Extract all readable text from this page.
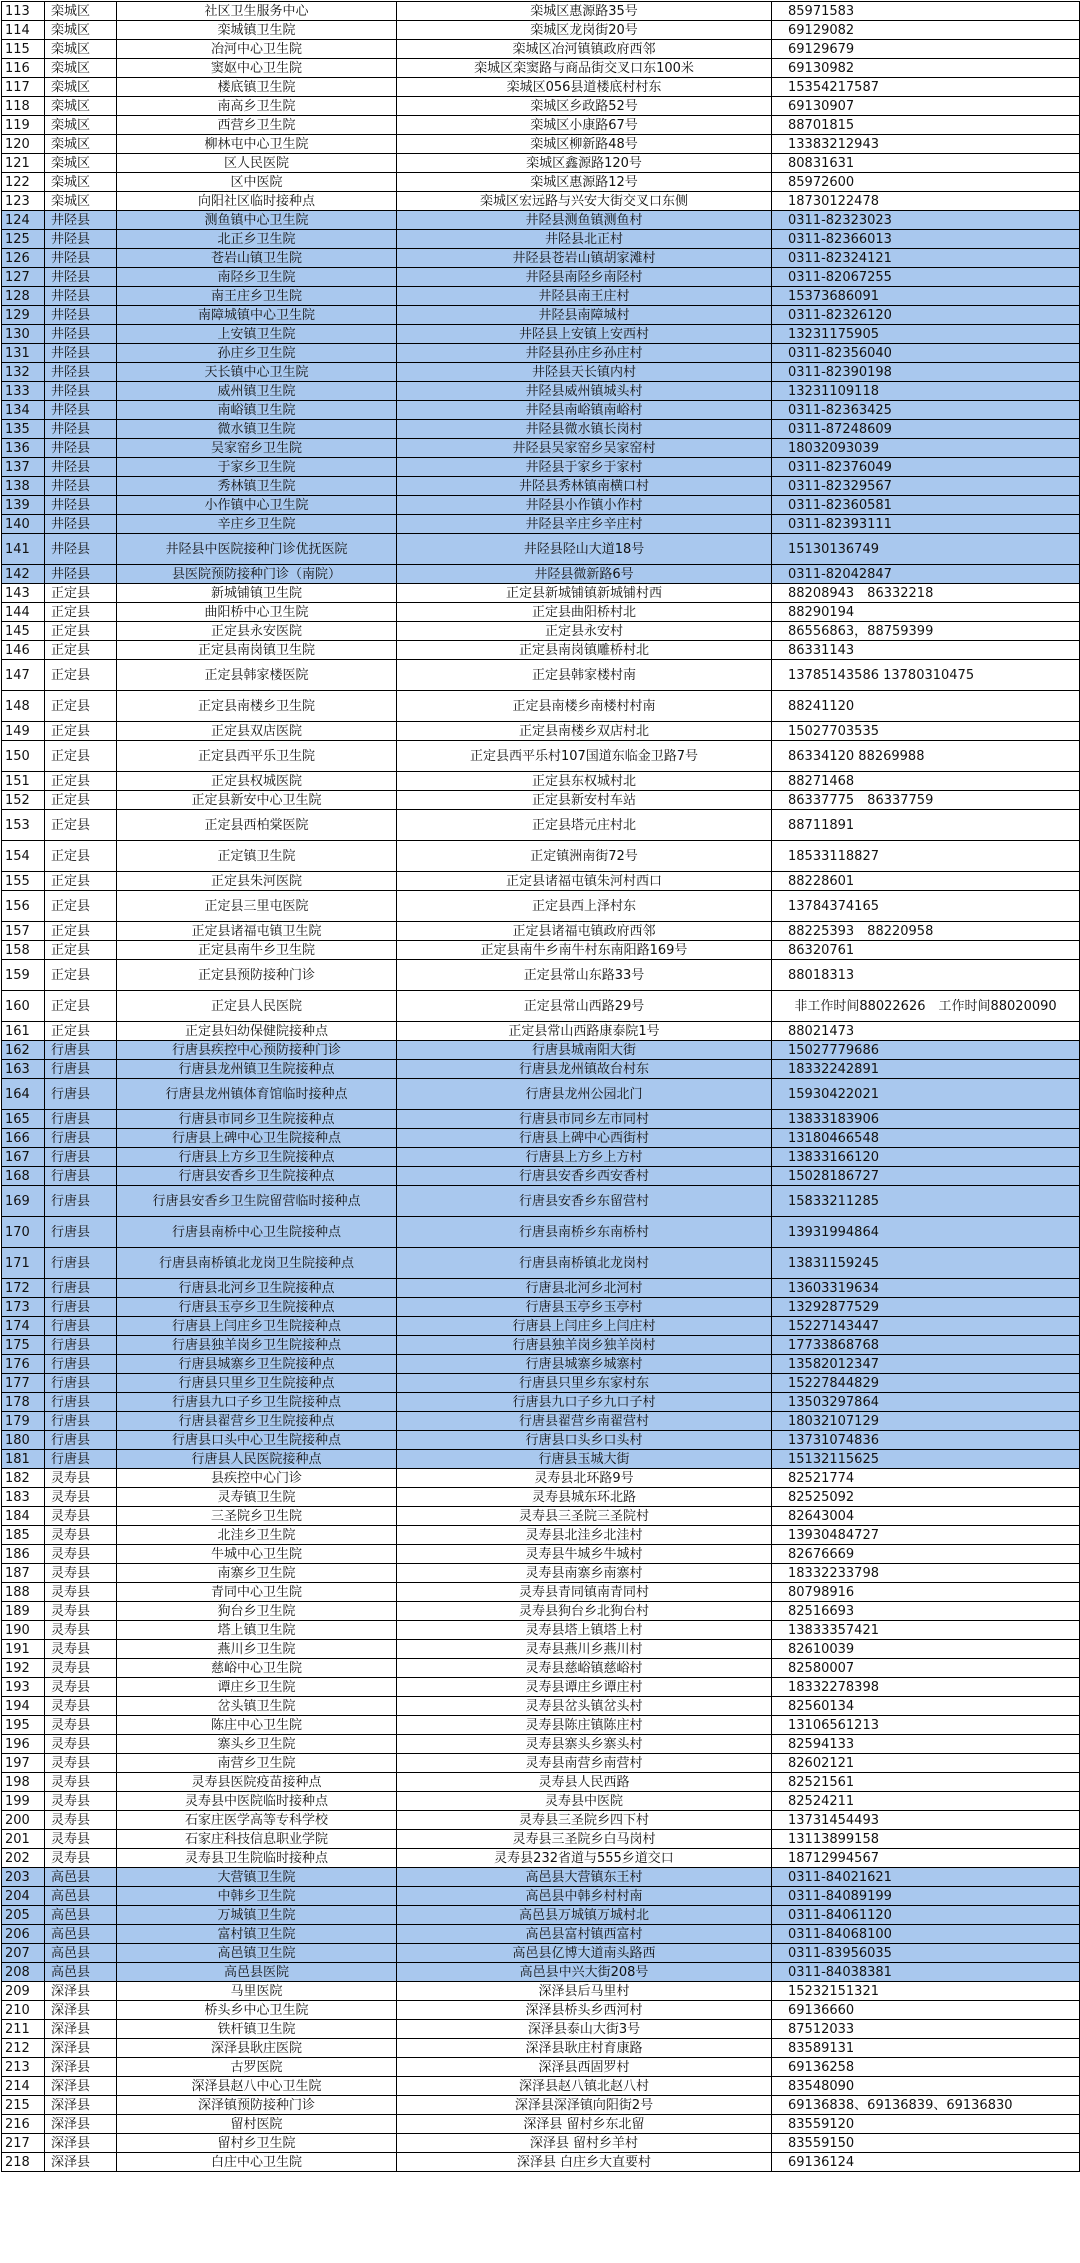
113	栾城区	社区卫生服务中心	栾城区惠源路35号	85971583
114	栾城区	栾城镇卫生院	栾城区龙岗街20号	69129082
115	栾城区	冶河中心卫生院	栾城区冶河镇镇政府西邻	69129679
116	栾城区	窦妪中心卫生院	栾城区栾窦路与商品街交叉口东100米	69130982
117	栾城区	楼底镇卫生院	栾城区056县道楼底村村东	15354217587
118	栾城区	南高乡卫生院	栾城区乡政路52号	69130907
119	栾城区	西营乡卫生院	栾城区小康路67号	88701815
120	栾城区	柳林屯中心卫生院	栾城区柳新路48号	13383212943
121	栾城区	区人民医院	栾城区鑫源路120号	80831631
122	栾城区	区中医院	栾城区惠源路12号	85972600
123	栾城区	向阳社区临时接种点	栾城区宏远路与兴安大街交叉口东侧	18730122478
124	井陉县	测鱼镇中心卫生院	井陉县测鱼镇测鱼村	0311-82323023
125	井陉县	北正乡卫生院	井陉县北正村	0311-82366013
126	井陉县	苍岩山镇卫生院	井陉县苍岩山镇胡家滩村	0311-82324121
127	井陉县	南陉乡卫生院	井陉县南陉乡南陉村	0311-82067255
128	井陉县	南王庄乡卫生院	井陉县南王庄村	15373686091
129	井陉县	南障城镇中心卫生院	井陉县南障城村	0311-82326120
130	井陉县	上安镇卫生院	井陉县上安镇上安西村	13231175905
131	井陉县	孙庄乡卫生院	井陉县孙庄乡孙庄村	0311-82356040
132	井陉县	天长镇中心卫生院	井陉县天长镇内村	0311-82390198
133	井陉县	威州镇卫生院	井陉县威州镇城头村	13231109118
134	井陉县	南峪镇卫生院	井陉县南峪镇南峪村	0311-82363425
135	井陉县	微水镇卫生院	井陉县微水镇长岗村	0311-87248609
136	井陉县	吴家窑乡卫生院	井陉县吴家窑乡吴家窑村	18032093039
137	井陉县	于家乡卫生院	井陉县于家乡于家村	0311-82376049
138	井陉县	秀林镇卫生院	井陉县秀林镇南横口村	0311-82329567
139	井陉县	小作镇中心卫生院	井陉县小作镇小作村	0311-82360581
140	井陉县	辛庄乡卫生院	井陉县辛庄乡辛庄村	0311-82393111
141	井陉县	井陉县中医院接种门诊优抚医院	井陉县陉山大道18号	15130136749
142	井陉县	县医院预防接种门诊（南院）	井陉县微新路6号	0311-82042847
143	正定县	新城铺镇卫生院	正定县新城铺镇新城铺村西	88208943　86332218
144	正定县	曲阳桥中心卫生院	正定县曲阳桥村北	88290194
145	正定县	正定县永安医院	正定县永安村	86556863，88759399
146	正定县	正定县南岗镇卫生院	正定县南岗镇雕桥村北	86331143
147	正定县	正定县韩家楼医院	正定县韩家楼村南	13785143586 13780310475
148	正定县	正定县南楼乡卫生院	正定县南楼乡南楼村村南	88241120
149	正定县	正定县双店医院	正定县南楼乡双店村北	15027703535
150	正定县	正定县西平乐卫生院	正定县西平乐村107国道东临金卫路7号	86334120 88269988
151	正定县	正定县权城医院	正定县东权城村北	88271468
152	正定县	正定县新安中心卫生院	正定县新安村车站	86337775　86337759
153	正定县	正定县西柏棠医院	正定县塔元庄村北	88711891
154	正定县	正定镇卫生院	正定镇洲南街72号	18533118827
155	正定县	正定县朱河医院	正定县诸福屯镇朱河村西口	88228601
156	正定县	正定县三里屯医院	正定县西上泽村东	13784374165
157	正定县	正定县诸福屯镇卫生院	正定县诸福屯镇政府西邻	88225393　88220958
158	正定县	正定县南牛乡卫生院	正定县南牛乡南牛村东南阳路169号	86320761
159	正定县	正定县预防接种门诊	正定县常山东路33号	88018313
160	正定县	正定县人民医院	正定县常山西路29号	非工作时间88022626　工作时间88020090
161	正定县	正定县妇幼保健院接种点	正定县常山西路康泰院1号	88021473
162	行唐县	行唐县疾控中心预防接种门诊	行唐县城南阳大街	15027779686
163	行唐县	行唐县龙州镇卫生院接种点	行唐县龙州镇故台村东	18332242891
164	行唐县	行唐县龙州镇体育馆临时接种点	行唐县龙州公园北门	15930422021
165	行唐县	行唐县市同乡卫生院接种点	行唐县市同乡左市同村	13833183906
166	行唐县	行唐县上碑中心卫生院接种点	行唐县上碑中心西街村	13180466548
167	行唐县	行唐县上方乡卫生院接种点	行唐县上方乡上方村	13833166120
168	行唐县	行唐县安香乡卫生院接种点	行唐县安香乡西安香村	15028186727
169	行唐县	行唐县安香乡卫生院留营临时接种点	行唐县安香乡东留营村	15833211285
170	行唐县	行唐县南桥中心卫生院接种点	行唐县南桥乡东南桥村	13931994864
171	行唐县	行唐县南桥镇北龙岗卫生院接种点	行唐县南桥镇北龙岗村	13831159245
172	行唐县	行唐县北河乡卫生院接种点	行唐县北河乡北河村	13603319634
173	行唐县	行唐县玉亭乡卫生院接种点	行唐县玉亭乡玉亭村	13292877529
174	行唐县	行唐县上闫庄乡卫生院接种点	行唐县上闫庄乡上闫庄村	15227143447
175	行唐县	行唐县独羊岗乡卫生院接种点	行唐县独羊岗乡独羊岗村	17733868768
176	行唐县	行唐县城寨乡卫生院接种点	行唐县城寨乡城寨村	13582012347
177	行唐县	行唐县只里乡卫生院接种点	行唐县只里乡东家村东	15227844829
178	行唐县	行唐县九口子乡卫生院接种点	行唐县九口子乡九口子村	13503297864
179	行唐县	行唐县翟营乡卫生院接种点	行唐县翟营乡南翟营村	18032107129
180	行唐县	行唐县口头中心卫生院接种点	行唐县口头乡口头村	13731074836
181	行唐县	行唐县人民医院接种点	行唐县玉城大街	15132115625
182	灵寿县	县疾控中心门诊	灵寿县北环路9号	82521774
183	灵寿县	灵寿镇卫生院	灵寿县城东环北路	82525092
184	灵寿县	三圣院乡卫生院	灵寿县三圣院三圣院村	82643004
185	灵寿县	北洼乡卫生院	灵寿县北洼乡北洼村	13930484727
186	灵寿县	牛城中心卫生院	灵寿县牛城乡牛城村	82676669
187	灵寿县	南寨乡卫生院	灵寿县南寨乡南寨村	18332233798
188	灵寿县	青同中心卫生院	灵寿县青同镇南青同村	80798916
189	灵寿县	狗台乡卫生院	灵寿县狗台乡北狗台村	82516693
190	灵寿县	塔上镇卫生院	灵寿县塔上镇塔上村	13833357421
191	灵寿县	燕川乡卫生院	灵寿县燕川乡燕川村	82610039
192	灵寿县	慈峪中心卫生院	灵寿县慈峪镇慈峪村	82580007
193	灵寿县	谭庄乡卫生院	灵寿县谭庄乡谭庄村	18332278398
194	灵寿县	岔头镇卫生院	灵寿县岔头镇岔头村	82560134
195	灵寿县	陈庄中心卫生院	灵寿县陈庄镇陈庄村	13106561213
196	灵寿县	寨头乡卫生院	灵寿县寨头乡寨头村	82594133
197	灵寿县	南营乡卫生院	灵寿县南营乡南营村	82602121
198	灵寿县	灵寿县医院疫苗接种点	灵寿县人民西路	82521561
199	灵寿县	灵寿县中医院临时接种点	灵寿县中医院	82524211
200	灵寿县	石家庄医学高等专科学校	灵寿县三圣院乡四下村	13731454493
201	灵寿县	石家庄科技信息职业学院	灵寿县三圣院乡白马岗村	13113899158
202	灵寿县	灵寿县卫生院临时接种点	灵寿县232省道与555乡道交口	18712994567
203	高邑县	大营镇卫生院	高邑县大营镇东王村	0311-84021621
204	高邑县	中韩乡卫生院	高邑县中韩乡村村南	0311-84089199
205	高邑县	万城镇卫生院	高邑县万城镇万城村北	0311-84061120
206	高邑县	富村镇卫生院	高邑县富村镇西富村	0311-84068100
207	高邑县	高邑镇卫生院	高邑县亿博大道南头路西	0311-83956035
208	高邑县	高邑县医院	高邑县中兴大街208号	0311-84038381
209	深泽县	马里医院	深泽县后马里村	15232151321
210	深泽县	桥头乡中心卫生院	深泽县桥头乡西河村	69136660
211	深泽县	铁杆镇卫生院	深泽县泰山大街3号	87512033
212	深泽县	深泽县耿庄医院	深泽县耿庄村育康路	83589131
213	深泽县	古罗医院	深泽县西固罗村	69136258
214	深泽县	深泽县赵八中心卫生院	深泽县赵八镇北赵八村	83548090
215	深泽县	深泽镇预防接种门诊	深泽县深泽镇向阳街2号	69136838、69136839、69136830
216	深泽县	留村医院	深泽县 留村乡东北留	83559120
217	深泽县	留村乡卫生院	深泽县 留村乡羊村	83559150
218	深泽县	白庄中心卫生院	深泽县 白庄乡大直要村	69136124
